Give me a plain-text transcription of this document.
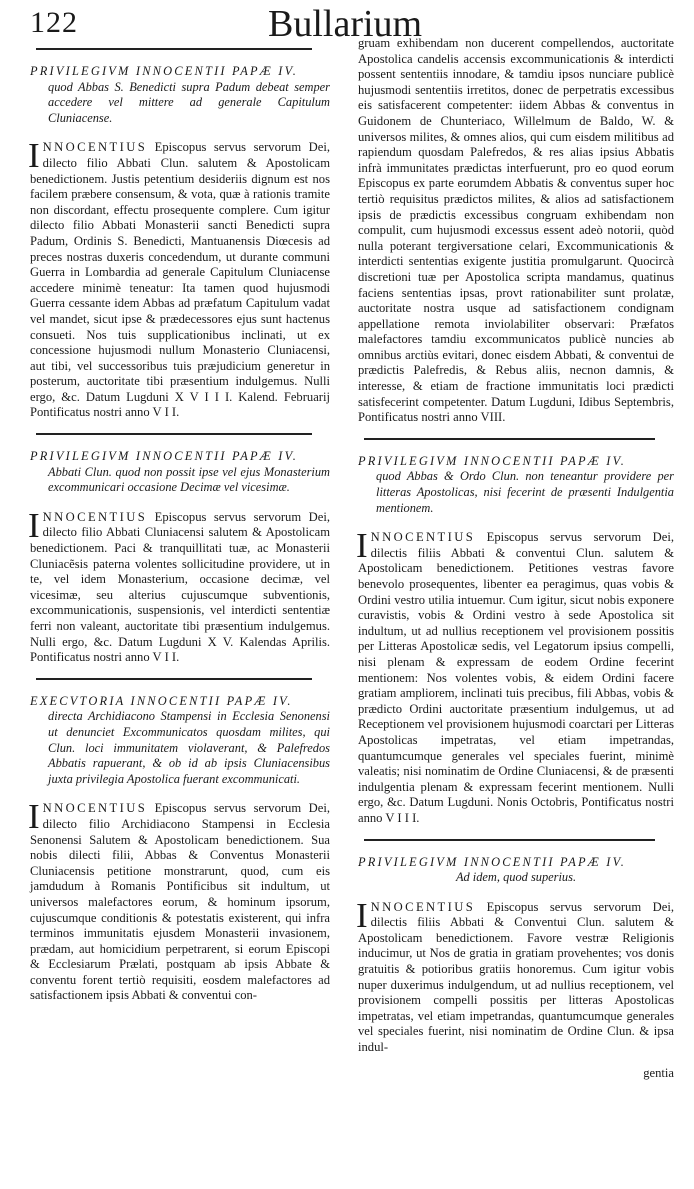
122	Bullarium
PRIVILEGIVM INNOCENTII PAPÆ IV.
quod Abbas S. Benedicti supra Padum debeat semper accedere vel mittere ad generale Capitulum Cluniacense.

INNOCENTIUS Episcopus servus servorum Dei, dilecto filio Abbati Clun. salutem & Apostolicam benedictionem. Justis petentium desideriis dignum est nos facilem præbere consensum, & vota, quæ à rationis tramite non discordant, effectu prosequente complere. Cum igitur dilecto filio Abbati Monasterii sancti Benedicti supra Padum, Ordinis S. Benedicti, Mantuanensis Diœcesis ad preces nostras duxeris concedendum, ut durante communi Guerra in Lombardia ad generale Capitulum Cluniacense accedere minimè teneatur: Ita tamen quod hujusmodi Guerra cessante idem Abbas ad præfatum Capitulum vadat vel mandet, sicut ipse & prædecessores ejus sunt hactenus consueti. Nos tuis supplicationibus inclinati, ut ex concessione hujusmodi nullum Monasterio Cluniacensi, aut tibi, vel successoribus tuis præjudicium generetur in posterum, auctoritate tibi præsentium indulgemus. Nulli ergo, &c. Datum Lugduni X V I I I. Kalend. Februarij Pontificatus nostri anno V I I.

PRIVILEGIVM INNOCENTII PAPÆ IV.
Abbati Clun. quod non possit ipse vel ejus Monasterium excommunicari occasione Decimæ vel vicesimæ.

INNOCENTIUS Episcopus servus servorum Dei, dilecto filio Abbati Cluniacensi salutem & Apostolicam benedictionem. Paci & tranquillitati tuæ, ac Monasterii Cluniacẽsis paterna volentes sollicitudine providere, ut in te, vel idem Monasterium, occasione decimæ, vel vicesimæ, seu alterius cujuscumque subventionis, excommunicationis, suspensionis, vel interdicti sententiæ ferri non valeant, auctoritate tibi præsentium indulgemus. Nulli ergo, &c. Datum Lugduni X V. Kalendas Aprilis. Pontificatus nostri anno V I I.

EXECVTORIA INNOCENTII PAPÆ IV.
directa Archidiacono Stampensi in Ecclesia Senonensi ut denunciet Excommunicatos quosdam milites, qui Clun. loci immunitatem violaverant, & Palefredos Abbatis rapuerant, & ob id ab ipsis Cluniacensibus juxta privilegia Apostolica fuerant excommunicati.

INNOCENTIUS Episcopus servus servorum Dei, dilecto filio Archidiacono Stampensi in Ecclesia Senonensi Salutem & Apostolicam benedictionem. Sua nobis dilecti filii, Abbas & Conventus Monasterii Cluniacensis petitione monstrarunt, quod, cum eis jamdudum à Romanis Pontificibus sit indultum, ut universos malefactores eorum, & hominum ipsorum, cujuscumque conditionis & potestatis existerent, qui infra terminos immunitatis ejusdem Monasterii invasionem, prædam, aut homicidium perpetrarent, si eorum Episcopi & Ecclesiarum Prælati, postquam ab ipsis Abbate & conventu forent tertiò requisiti, eosdem malefactores ad satisfactionem ipsis Abbati & conventui con-

gruam exhibendam non ducerent compellendos, auctoritate Apostolica candelis accensis excommunicationis & interdicti possent sententiis innodare, & tamdiu ipsos nunciare publicè hujusmodi sententiis irretitos, donec de perpetratis excessibus eis satisfacerent competenter: iidem Abbas & conventus in Guidonem de Chunteriaco, Willelmum de Baldo, W. & universos milites, & omnes alios, qui cum eisdem militibus ad rapiendum quosdam Palefredos, & res alias ipsius Abbatis infrà immunitates prædictas interfuerunt, pro eo quod eorum Episcopus ex parte eorumdem Abbatis & conventus super hoc tertiò requisitus prædictos milites, & alios ad satisfactionem ipsis de prædictis excessibus congruam exhibendam non compulit, cum hujusmodi excessus essent adeò notorii, quòd nulla poterant tergiversatione celari, Excommunicationis & interdicti sententias exigente justitia promulgarunt. Quocircà discretioni tuæ per Apostolica scripta mandamus, quatinus faciens sententias ipsas, provt rationabiliter sunt prolatæ, auctoritate nostra usque ad satisfactionem condignam appellatione remota inviolabiliter observari: Præfatos malefactores tamdiu excommunicatos publicè nuncies ab omnibus arctiùs evitari, donec eisdem Abbati, & conventui de prædictis Palefredis, & Rebus aliis, necnon damnis, & interesse, & etiam de fractione immunitatis loci prædicti satisfecerint competenter. Datum Lugduni, Idibus Septembris, Pontificatus nostri anno VIII.

PRIVILEGIVM INNOCENTII PAPÆ IV.
quod Abbas & Ordo Clun. non teneantur providere per litteras Apostolicas, nisi fecerint de præsenti Indulgentia mentionem.

INNOCENTIUS Episcopus servus servorum Dei, dilectis filiis Abbati & conventui Clun. salutem & Apostolicam benedictionem. Petitiones vestras favore benevolo prosequentes, libenter ea peragimus, quas vobis & Ordini vestro utilia intuemur. Cum igitur, sicut nobis exponere curavistis, vobis & Ordini vestro à sede Apostolica sit indultum, ut ad nullius receptionem vel provisionem possitis per Litteras Apostolicæ sedis, vel Legatorum ipsius compelli, nisi plenam & expressam de eodem Ordine fecerint mentionem: Nos volentes vobis, & eidem Ordini facere gratiam ampliorem, inclinati tuis precibus, fili Abbas, vobis & prædicto Ordini auctoritate præsentium indulgemus, ut ad Receptionem vel provisionem hujusmodi coarctari per Litteras Apostolicas impetratas, vel etiam impetrandas, quantumcumque generales vel speciales fuerint, minimè valeatis; nisi nominatim de Ordine Cluniacensi, & de præsenti indulgentia plenam & expressam fecerint mentionem. Nulli ergo, &c. Datum Lugduni. Nonis Octobris, Pontificatus nostri anno V I I I.

PRIVILEGIVM INNOCENTII PAPÆ IV.
Ad idem, quod superius.

INNOCENTIUS Episcopus servus servorum Dei, dilectis filiis Abbati & Conventui Clun. salutem & Apostolicam benedictionem. Favore vestræ Religionis inducimur, ut Nos de gratia in gratiam provehentes; vos donis gratuitis & potioribus gratiis honoremus. Cum igitur vobis nuper duxerimus indulgendum, ut ad nullius receptionem, vel provisionem compelli possitis per litteras Apostolicas impetratas, vel etiam impetrandas, quantumcumque generales vel speciales fuerint, nisi nominatim de Ordine Clun. & ipsa indul-

gentia
